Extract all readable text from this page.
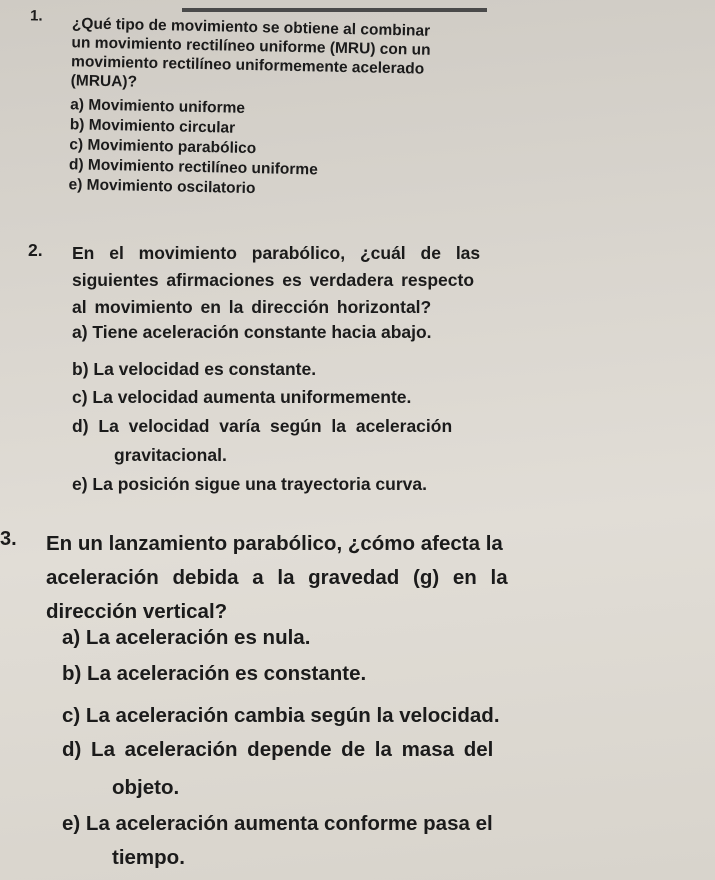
1. ¿Qué tipo de movimiento se obtiene al combinar
un movimiento rectilíneo uniforme (MRU) con un
movimiento rectilíneo uniformemente acelerado
(MRUA)?
a) Movimiento uniforme
b) Movimiento circular
c) Movimiento parabólico
d) Movimiento rectilíneo uniforme
e) Movimiento oscilatorio
2. En el movimiento parabólico, ¿cuál de las
siguientes afirmaciones es verdadera respecto
al movimiento en la dirección horizontal?
a) Tiene aceleración constante hacia abajo.
b) La velocidad es constante.
c) La velocidad aumenta uniformemente.
d) La velocidad varía según la aceleración
gravitacional.
e) La posición sigue una trayectoria curva.
3. En un lanzamiento parabólico, ¿cómo afecta la
aceleración debida a la gravedad (g) en la
dirección vertical?
a) La aceleración es nula.
b) La aceleración es constante.
c) La aceleración cambia según la velocidad.
d) La aceleración depende de la masa del
objeto.
e) La aceleración aumenta conforme pasa el
tiempo.
